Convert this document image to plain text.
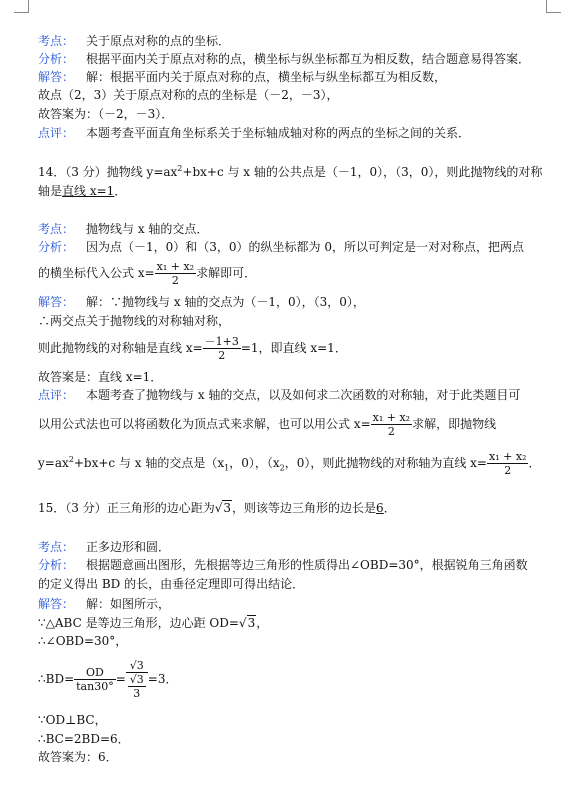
考点： 关于原点对称的点的坐标．
分析： 根据平面内关于原点对称的点，横坐标与纵坐标都互为相反数，结合题意易得答案．
解答： 解：根据平面内关于原点对称的点，横坐标与纵坐标都互为相反数，
故点（2，3）关于原点对称的点的坐标是（－2，－3），
故答案为：（－2，－3）．
点评： 本题考查平面直角坐标系关于坐标轴成轴对称的两点的坐标之间的关系．
14．（3 分）抛物线 $y=ax^2+bx+c$ 与 x 轴的公共点是（－1，0），（3，0），则此抛物线的对称
轴是直线 x=1．
考点： 抛物线与 x 轴的交点．
分析： 因为点（－1，0）和（3，0）的纵坐标都为 0，所以可判定是一对对称点，把两点
的横坐标代入公式 $x= \frac{\text{x₁ + x₂}}{2}$ 求解即可．
解答： 解：∵抛物线与 x 轴的交点为（－1，0），（3，0），
∴两交点关于抛物线的对称轴对称，
则此抛物线的对称轴是直线 $x= \frac{-1+3}{2} =1$，即直线 x=1．
故答案是：直线 x=1．
点评： 本题考查了抛物线与 x 轴的交点，以及如何求二次函数的对称轴，对于此类题目可
以用公式法也可以将函数化为顶点式来求解，也可以用公式 $x= \frac{\text{x₁ + x₂}}{2}$ 求解，即抛物线
$y=ax^2+bx+c$ 与 x 轴的交点是（$x_1$，0），（$x_2$，0），则此抛物线的对称轴为直线 $x= \frac{\text{x₁ + x₂}}{2}$ ．
15．（3 分）正三角形的边心距为√3，则该等边三角形的边长是6．
考点： 正多边形和圆．
分析： 根据题意画出图形，先根据等边三角形的性质得出∠OBD=30°，根据锐角三角函数
的定义得出 BD 的长，由垂径定理即可得出结论．
解答： 解：如图所示，
∵△ABC 是等边三角形，边心距 OD=√3，
∴∠OBD=30°，
∴BD= $\frac{OD}{\tan 30^\circ} = \frac{√3}{\frac{√3}{3}} =3$．
∵OD⊥BC，
∴BC=2BD=6．
故答案为：6．
